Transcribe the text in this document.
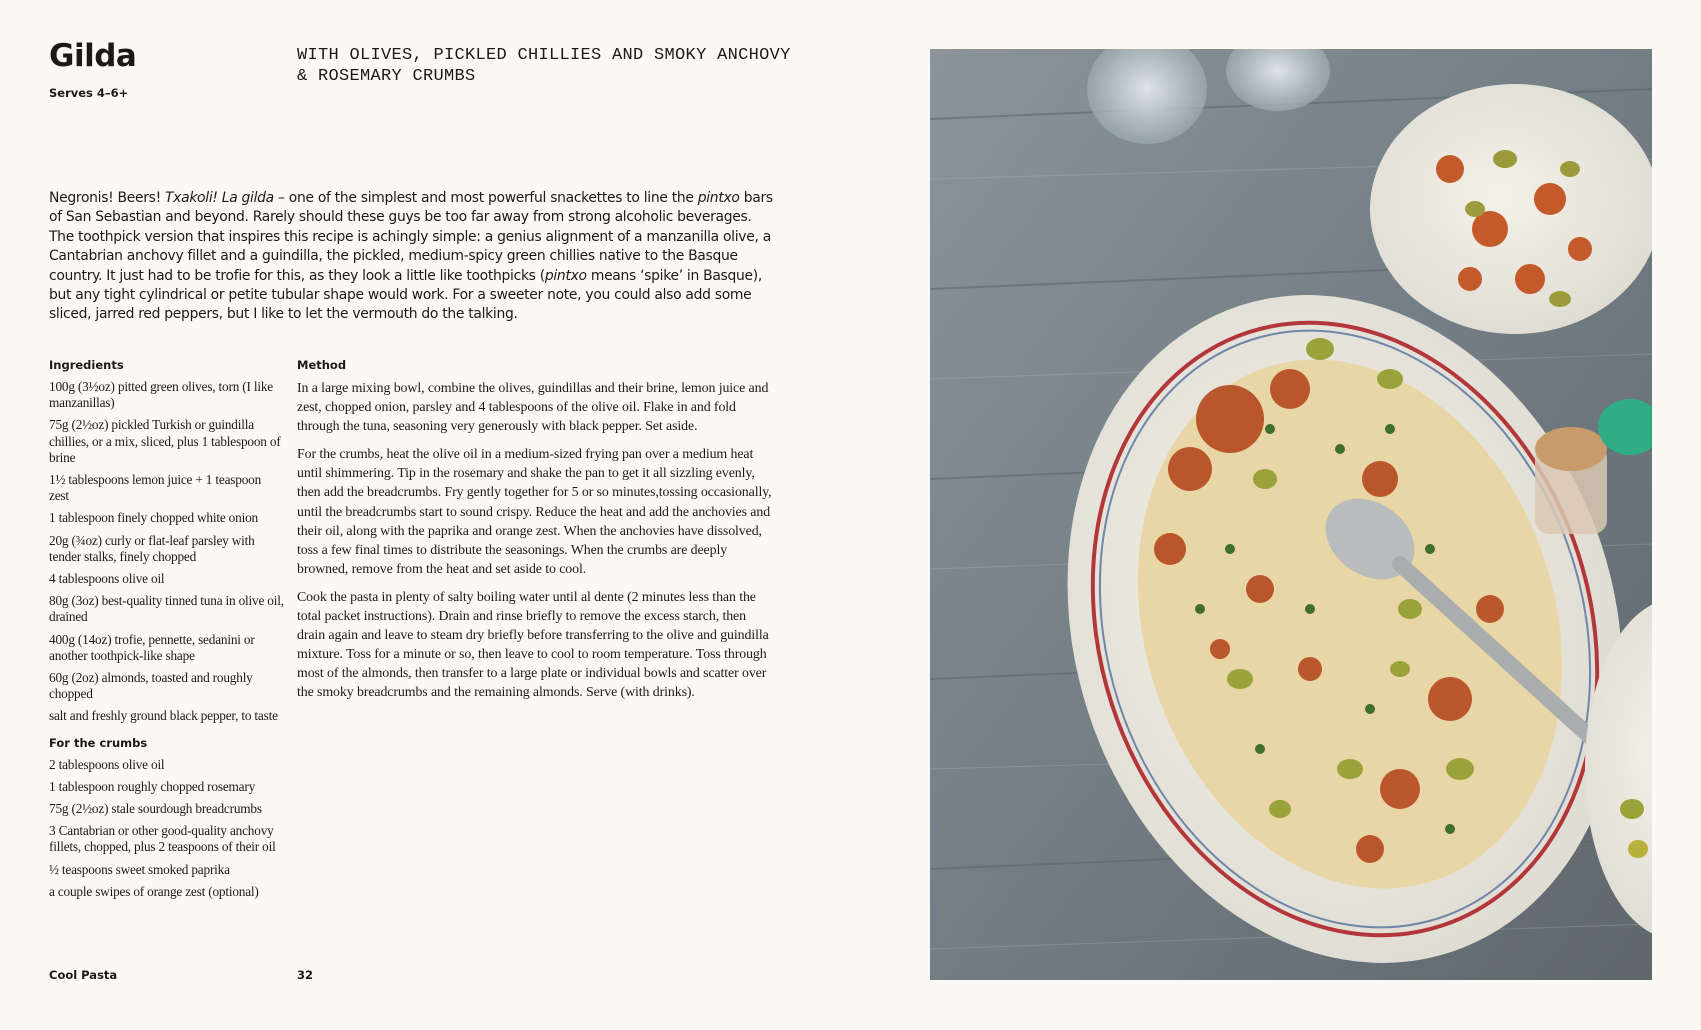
Gilda
Serves 4–6+
WITH OLIVES, PICKLED CHILLIES AND SMOKY ANCHOVY & ROSEMARY CRUMBS

Negronis! Beers! Txakoli! La gilda – one of the simplest and most powerful snackettes to line the pintxo bars of San Sebastian and beyond. Rarely should these guys be too far away from strong alcoholic beverages. The toothpick version that inspires this recipe is achingly simple: a genius alignment of a manzanilla olive, a Cantabrian anchovy fillet and a guindilla, the pickled, medium-spicy green chillies native to the Basque country. It just had to be trofie for this, as they look a little like toothpicks (pintxo means ‘spike’ in Basque), but any tight cylindrical or petite tubular shape would work. For a sweeter note, you could also add some sliced, jarred red peppers, but I like to let the vermouth do the talking.

Ingredients
100g (3½oz) pitted green olives, torn (I like manzanillas)
75g (2½oz) pickled Turkish or guindilla chillies, or a mix, sliced, plus 1 tablespoon of brine
1½ tablespoons lemon juice + 1 teaspoon zest
1 tablespoon finely chopped white onion
20g (¾oz) curly or flat-leaf parsley with tender stalks, finely chopped
4 tablespoons olive oil
80g (3oz) best-quality tinned tuna in olive oil, drained
400g (14oz) trofie, pennette, sedanini or another toothpick-like shape
60g (2oz) almonds, toasted and roughly chopped
salt and freshly ground black pepper, to taste
For the crumbs
2 tablespoons olive oil
1 tablespoon roughly chopped rosemary
75g (2½oz) stale sourdough breadcrumbs
3 Cantabrian or other good-quality anchovy fillets, chopped, plus 2 teaspoons of their oil
½ teaspoons sweet smoked paprika
a couple swipes of orange zest (optional)
Method

In a large mixing bowl, combine the olives, guindillas and their brine, lemon juice and zest, chopped onion, parsley and 4 tablespoons of the olive oil. Flake in and fold through the tuna, seasoning very generously with black pepper. Set aside.

For the crumbs, heat the olive oil in a medium-sized frying pan over a medium heat until shimmering. Tip in the rosemary and shake the pan to get it all sizzling evenly, then add the breadcrumbs. Fry gently together for 5 or so minutes,tossing occasionally, until the breadcrumbs start to sound crispy. Reduce the heat and add the anchovies and their oil, along with the paprika and orange zest. When the anchovies have dissolved, toss a few final times to distribute the seasonings. When the crumbs are deeply browned, remove from the heat and set aside to cool.

Cook the pasta in plenty of salty boiling water until al dente (2 minutes less than the total packet instructions). Drain and rinse briefly to remove the excess starch, then drain again and leave to steam dry briefly before transferring to the olive and guindilla mixture. Toss for a minute or so, then leave to cool to room temperature. Toss through most of the almonds, then transfer to a large plate or individual bowls and scatter over the smoky breadcrumbs and the remaining almonds. Serve (with drinks).

Cool Pasta	32
